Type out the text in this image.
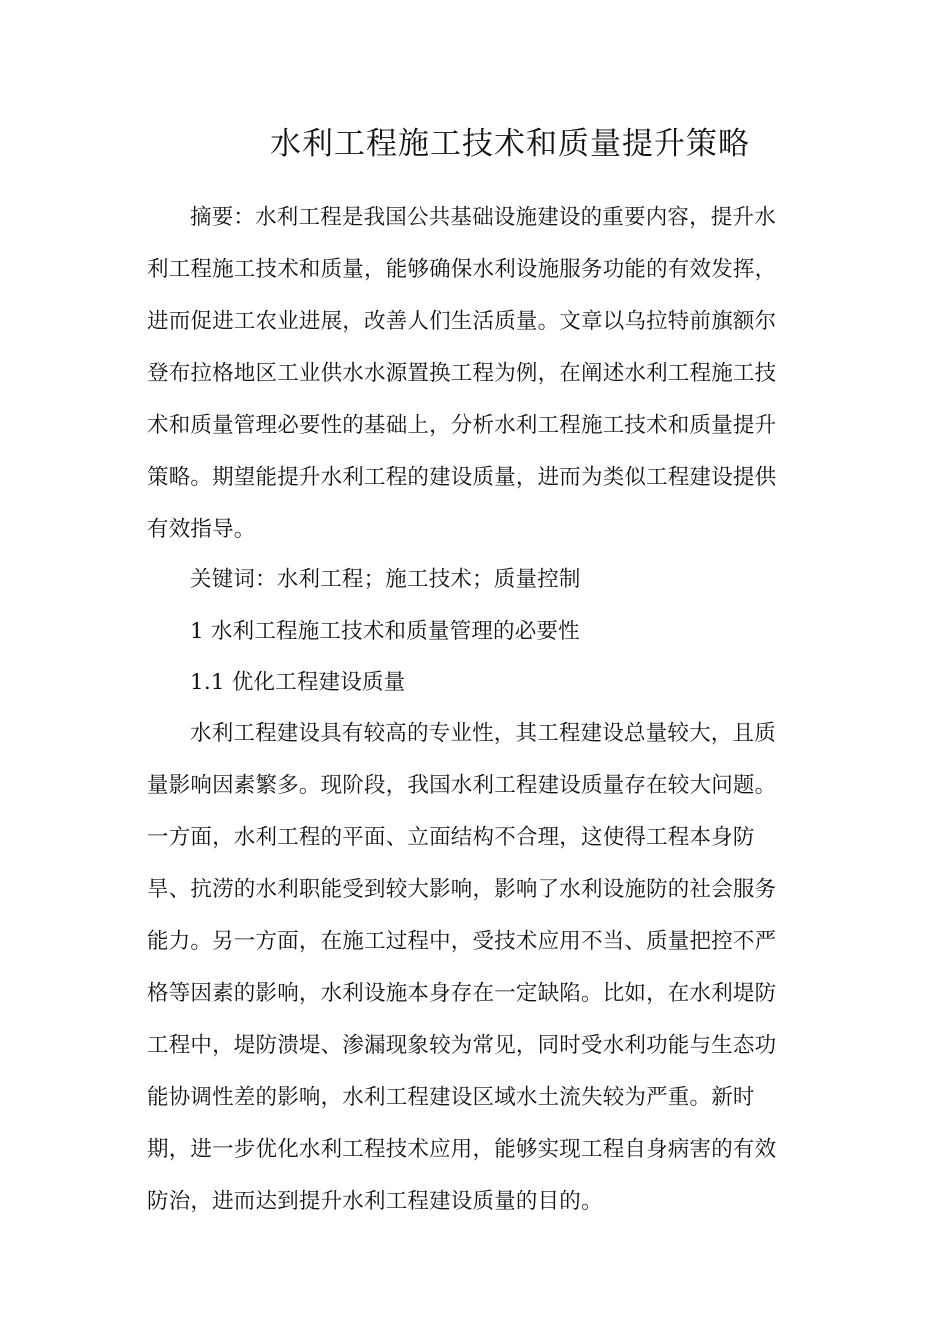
水利工程施工技术和质量提升策略
摘要：水利工程是我国公共基础设施建设的重要内容，提升水
利工程施工技术和质量，能够确保水利设施服务功能的有效发挥，
进而促进工农业进展，改善人们生活质量。文章以乌拉特前旗额尔
登布拉格地区工业供水水源置换工程为例，在阐述水利工程施工技
术和质量管理必要性的基础上，分析水利工程施工技术和质量提升
策略。期望能提升水利工程的建设质量，进而为类似工程建设提供
有效指导。
关键词：水利工程；施工技术；质量控制
1 水利工程施工技术和质量管理的必要性
1.1 优化工程建设质量
水利工程建设具有较高的专业性，其工程建设总量较大，且质
量影响因素繁多。现阶段，我国水利工程建设质量存在较大问题。
一方面，水利工程的平面、立面结构不合理，这使得工程本身防
旱、抗涝的水利职能受到较大影响，影响了水利设施防的社会服务
能力。另一方面，在施工过程中，受技术应用不当、质量把控不严
格等因素的影响，水利设施本身存在一定缺陷。比如，在水利堤防
工程中，堤防溃堤、渗漏现象较为常见，同时受水利功能与生态功
能协调性差的影响，水利工程建设区域水土流失较为严重。新时
期，进一步优化水利工程技术应用，能够实现工程自身病害的有效
防治，进而达到提升水利工程建设质量的目的。
